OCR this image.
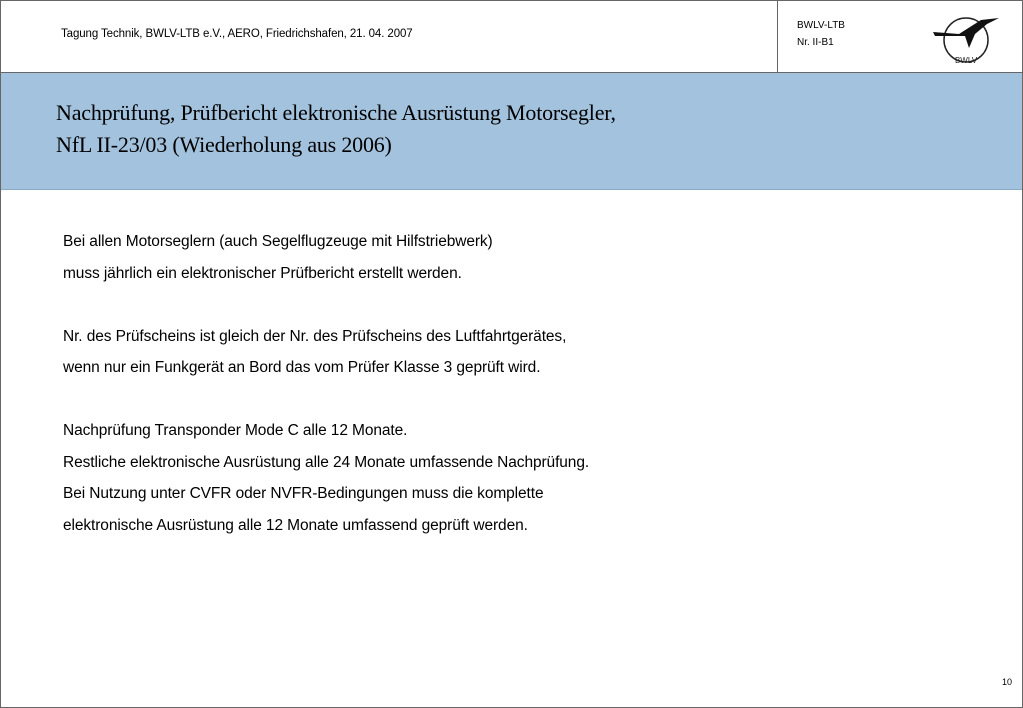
Tagung Technik, BWLV-LTB e.V., AERO, Friedrichshafen, 21. 04. 2007
BWLV-LTB
Nr. II-B1
BWLV
Nachprüfung, Prüfbericht elektronische Ausrüstung Motorsegler,
NfL II-23/03 (Wiederholung aus 2006)
Bei allen Motorseglern (auch Segelflugzeuge mit Hilfstriebwerk)
muss jährlich ein elektronischer Prüfbericht erstellt werden.
Nr. des Prüfscheins ist gleich der Nr. des Prüfscheins des Luftfahrtgerätes,
wenn nur ein Funkgerät an Bord das vom Prüfer Klasse 3 geprüft wird.
Nachprüfung Transponder Mode C alle 12 Monate.
Restliche elektronische Ausrüstung alle 24 Monate umfassende Nachprüfung.
Bei Nutzung unter CVFR oder NVFR-Bedingungen muss die komplette
elektronische Ausrüstung alle 12 Monate umfassend geprüft werden.
10
